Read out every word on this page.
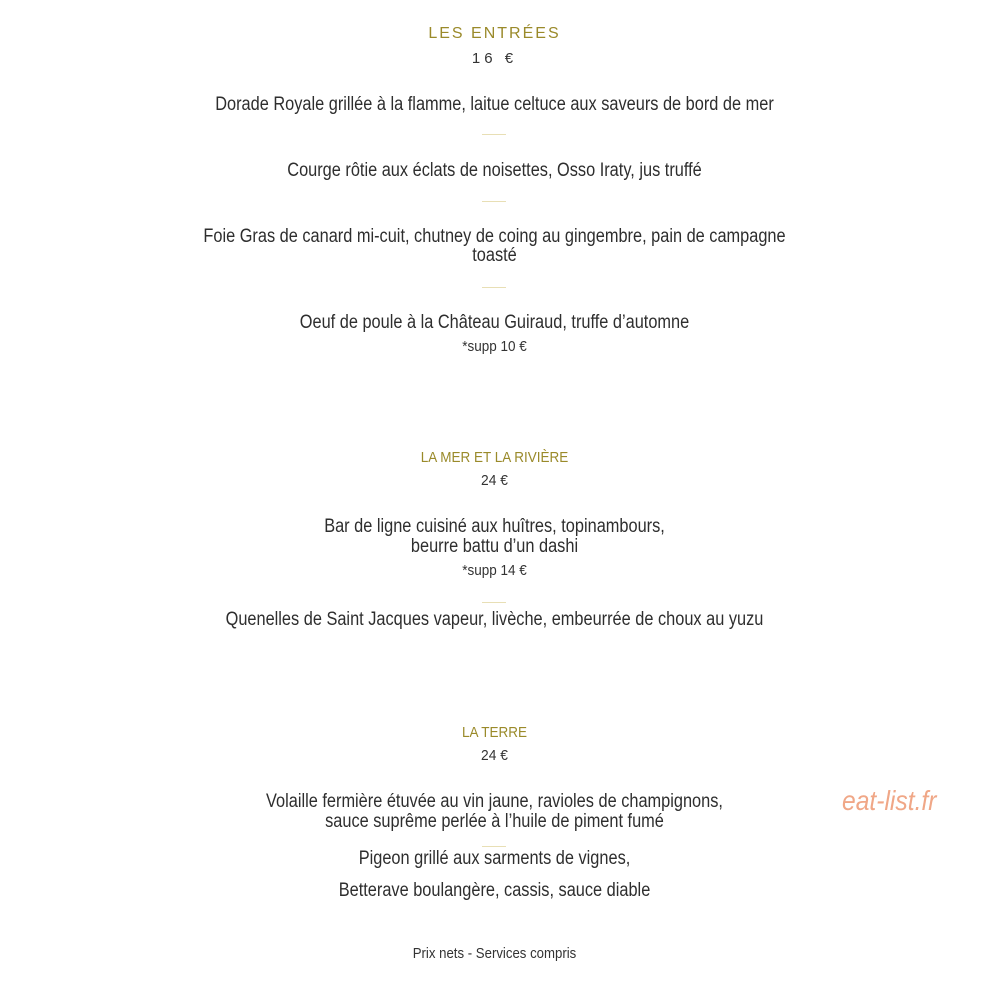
LES ENTRÉES

16 €

Dorade Royale grillée à la flamme, laitue celtuce aux saveurs de bord de mer

Courge rôtie aux éclats de noisettes, Osso Iraty, jus truffé

Foie Gras de canard mi-cuit, chutney de coing au gingembre, pain de campagne

toasté

Oeuf de poule à la Château Guiraud, truffe d’automne

*supp 10 €

LA MER ET LA RIVIÈRE

24 €

Bar de ligne cuisiné aux huîtres, topinambours,

beurre battu d’un dashi

*supp 14 €

Quenelles de Saint Jacques vapeur, livèche, embeurrée de choux au yuzu

LA TERRE

24 €

Volaille fermière étuvée au vin jaune, ravioles de champignons,

sauce suprême perlée à l’huile de piment fumé

Pigeon grillé aux sarments de vignes,

Betterave boulangère, cassis, sauce diable

Prix nets - Services compris

eat-list.fr
